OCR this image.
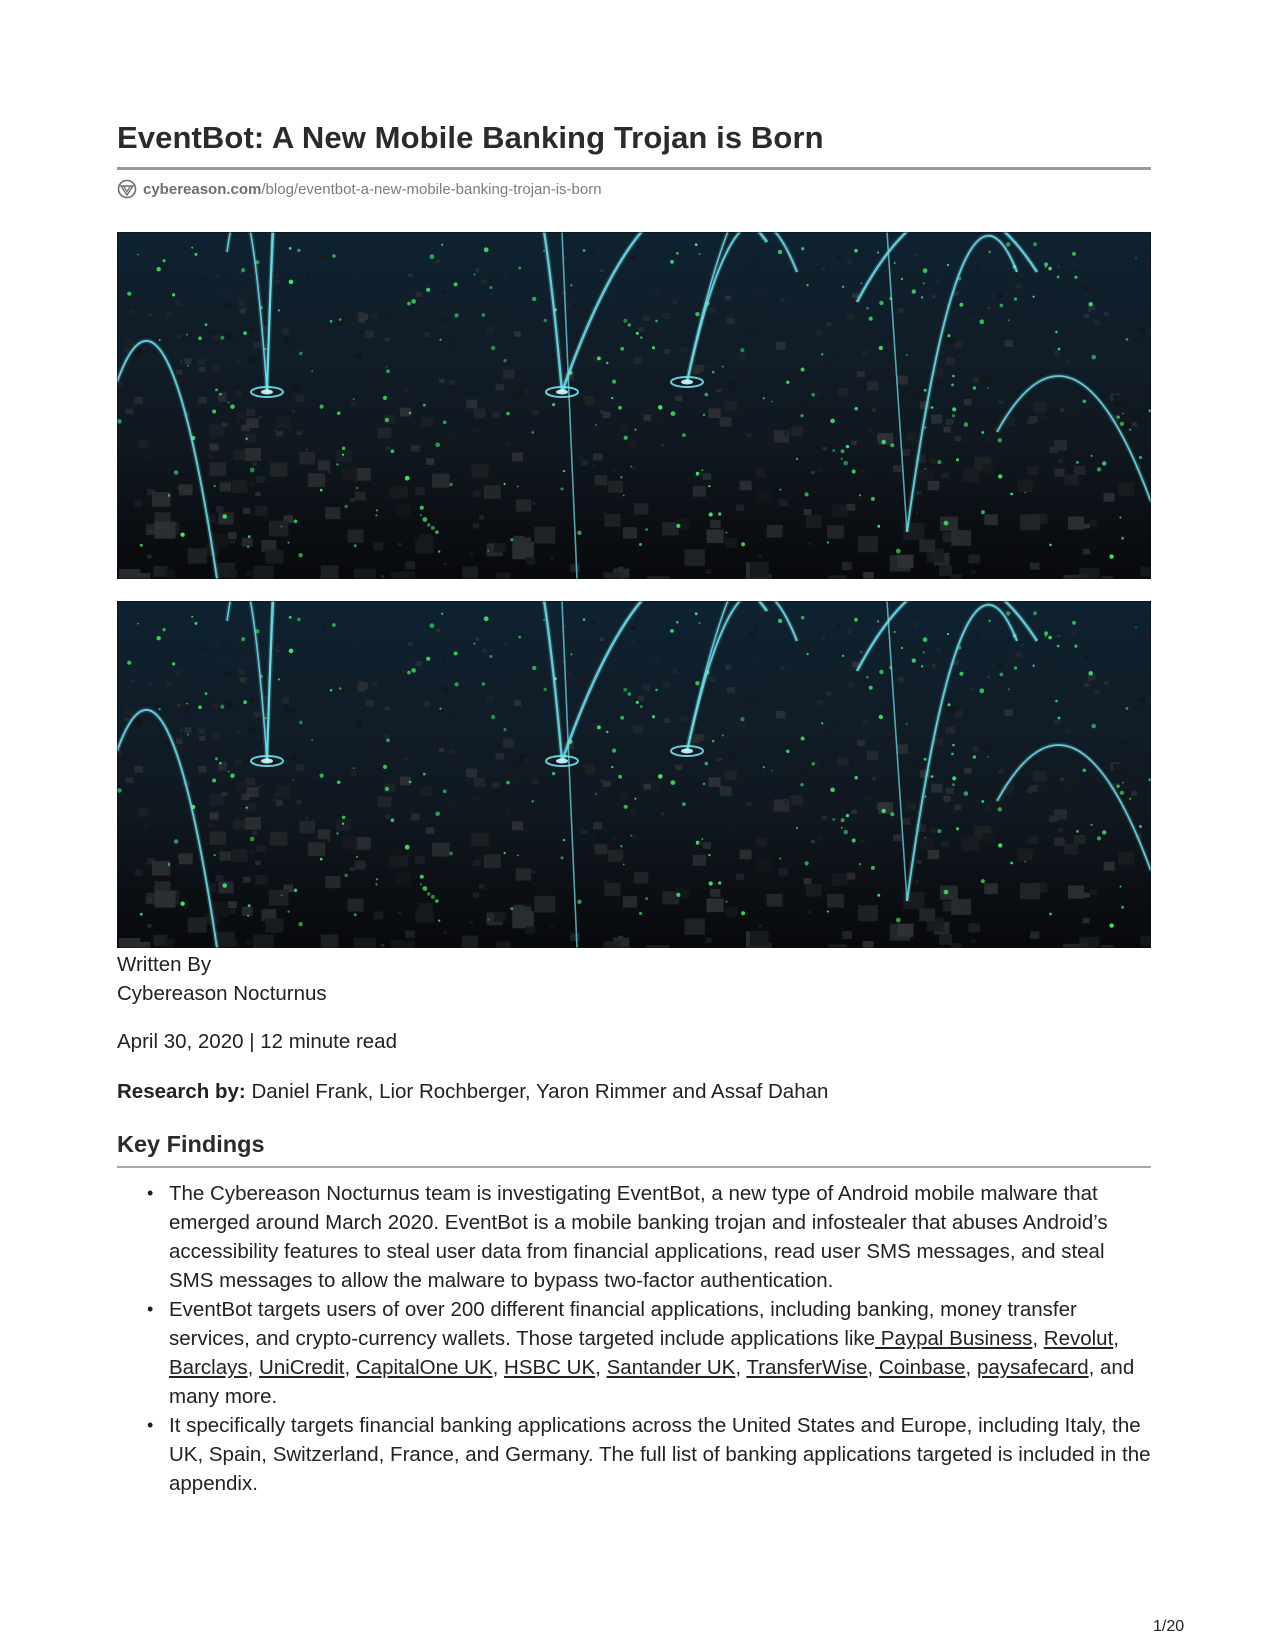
EventBot: A New Mobile Banking Trojan is Born
cybereason.com /blog/eventbot-a-new-mobile-banking-trojan-is-born
Written By
Cybereason Nocturnus
April 30, 2020 | 12 minute read
Research by: Daniel Frank, Lior Rochberger, Yaron Rimmer and Assaf Dahan
Key Findings
• The Cybereason Nocturnus team is investigating EventBot, a new type of Android mobile malware that emerged around March 2020. EventBot is a mobile banking trojan and infostealer that abuses Android’s accessibility features to steal user data from financial applications, read user SMS messages, and steal SMS messages to allow the malware to bypass two-factor authentication.
• EventBot targets users of over 200 different financial applications, including banking, money transfer services, and crypto-currency wallets. Those targeted include applications like Paypal Business, Revolut, Barclays, UniCredit, CapitalOne UK, HSBC UK, Santander UK, TransferWise, Coinbase, paysafecard, and many more.
• It specifically targets financial banking applications across the United States and Europe, including Italy, the UK, Spain, Switzerland, France, and Germany. The full list of banking applications targeted is included in the appendix.
1/20
